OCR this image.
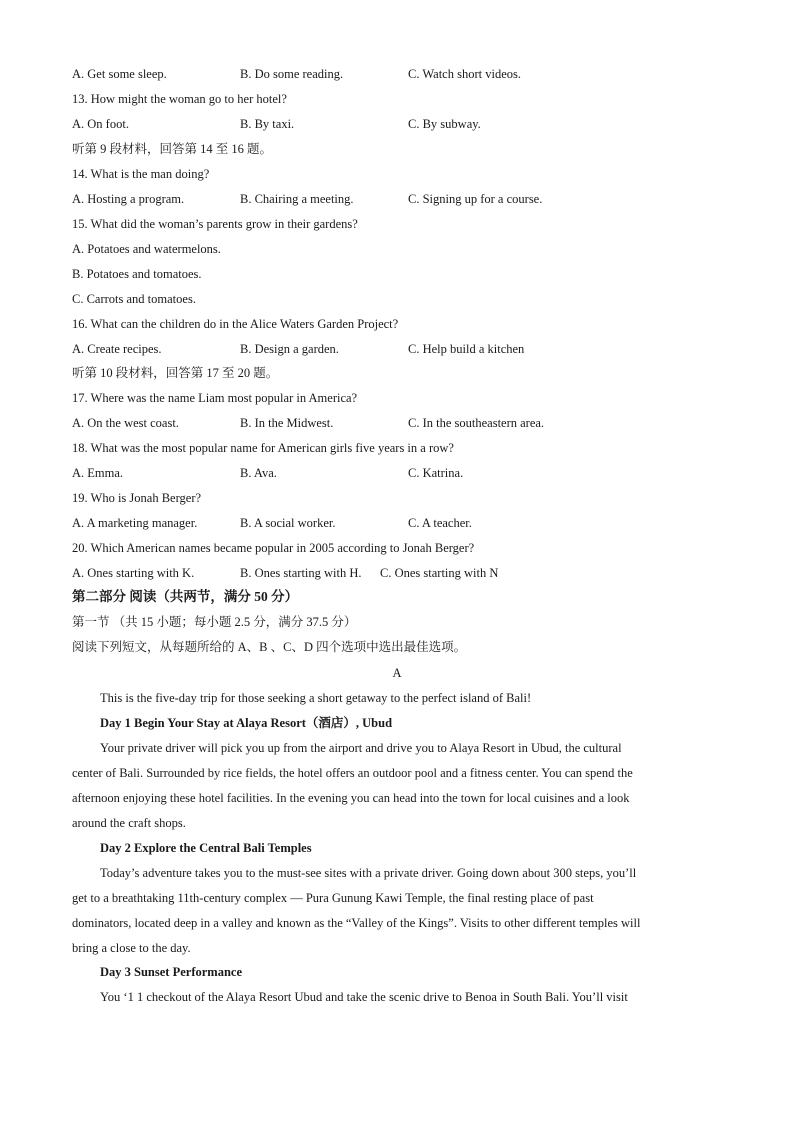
A. Get some sleep.	B. Do some reading.	C. Watch short videos.
13. How might the woman go to her hotel?
A. On foot.	B. By taxi.	C. By subway.
听第 9 段材料，回答第 14 至 16 题。
14. What is the man doing?
A. Hosting a program.	B. Chairing a meeting.	C. Signing up for a course.
15. What did the woman’s parents grow in their gardens?
A. Potatoes and watermelons.
B. Potatoes and tomatoes.
C. Carrots and tomatoes.
16. What can the children do in the Alice Waters Garden Project?
A. Create recipes.	B. Design a garden.	C. Help build a kitchen
听第 10 段材料，回答第 17 至 20 题。
17. Where was the name Liam most popular in America?
A. On the west coast.	B. In the Midwest.	C. In the southeastern area.
18. What was the most popular name for American girls five years in a row?
A. Emma.	B. Ava.	C. Katrina.
19. Who is Jonah Berger?
A. A marketing manager.	B. A social worker.	C. A teacher.
20. Which American names became popular in 2005 according to Jonah Berger?
A. Ones starting with K.	B. Ones starting with H. C. Ones starting with N
第二部分 阅读（共两节，满分 50 分）
第一节 （共 15 小题；每小题 2.5 分，满分 37.5 分）
阅读下列短文，从每题所给的 A、B 、C、D 四个选项中选出最佳选项。
A
This is the five-day trip for those seeking a short getaway to the perfect island of Bali!
Day 1 Begin Your Stay at Alaya Resort（酒店）, Ubud
Your private driver will pick you up from the airport and drive you to Alaya Resort in Ubud, the cultural
center of Bali. Surrounded by rice fields, the hotel offers an outdoor pool and a fitness center. You can spend the
afternoon enjoying these hotel facilities. In the evening you can head into the town for local cuisines and a look
around the craft shops.
Day 2 Explore the Central Bali Temples
Today’s adventure takes you to the must-see sites with a private driver. Going down about 300 steps, you’ll
get to a breathtaking 11th-century complex — Pura Gunung Kawi Temple, the final resting place of past
dominators, located deep in a valley and known as the “Valley of the Kings”. Visits to other different temples will
bring a close to the day.
Day 3 Sunset Performance
You ‘1 1 checkout of the Alaya Resort Ubud and take the scenic drive to Benoa in South Bali. You’ll visit
